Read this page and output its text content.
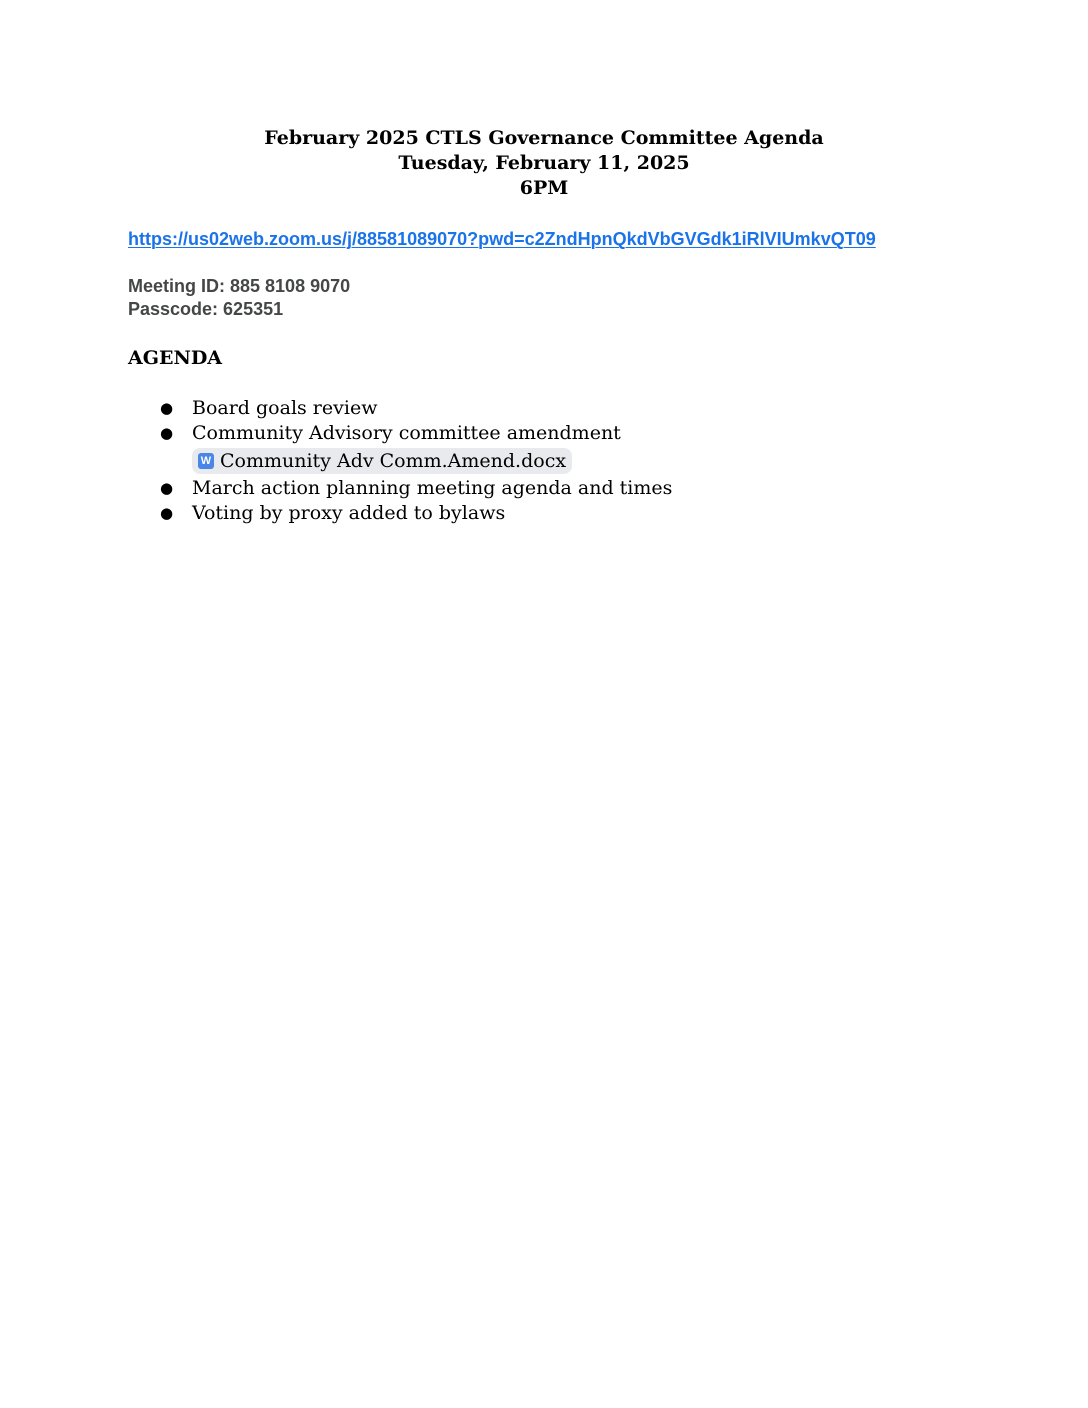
February 2025 CTLS Governance Committee Agenda
Tuesday, February 11, 2025
6PM
https://us02web.zoom.us/j/88581089070?pwd=c2ZndHpnQkdVbGVGdk1iRlVIUmkvQT09
Meeting ID: 885 8108 9070
Passcode: 625351
AGENDA
● Board goals review
● Community Advisory committee amendment

W Community Adv Comm.Amend.docx
● March action planning meeting agenda and times
● Voting by proxy added to bylaws
